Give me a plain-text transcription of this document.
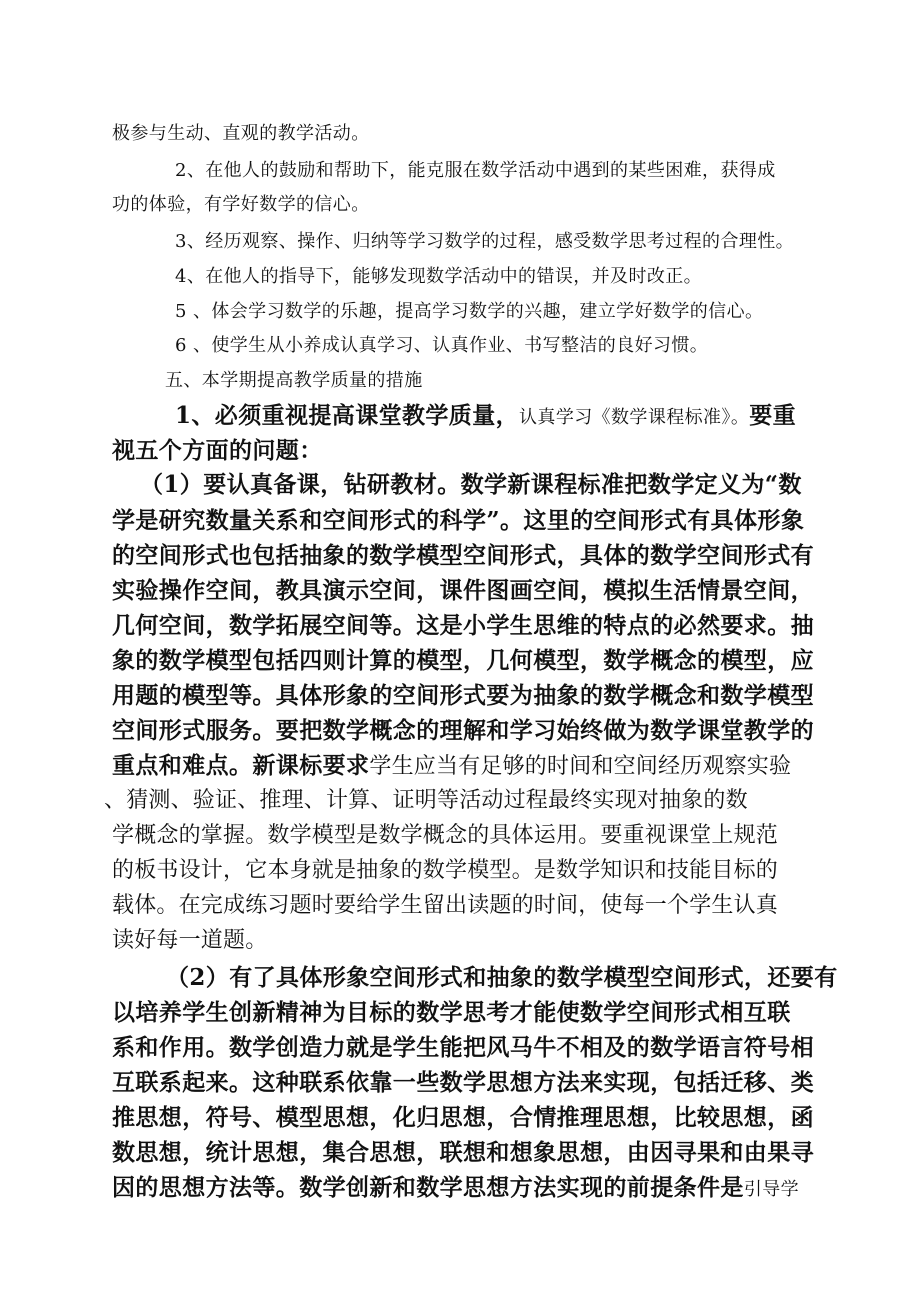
极参与生动、直观的教学活动。
2、在他人的鼓励和帮助下，能克服在数学活动中遇到的某些困难，获得成
功的体验，有学好数学的信心。
3、经历观察、操作、归纳等学习数学的过程，感受数学思考过程的合理性。
4、在他人的指导下，能够发现数学活动中的错误，并及时改正。
5 、体会学习数学的乐趣，提高学习数学的兴趣，建立学好数学的信心。
6 、使学生从小养成认真学习、认真作业、书写整洁的良好习惯。
五、本学期提高教学质量的措施
1、必须重视提高课堂教学质量，认真学习《数学课程标准》。要重
视五个方面的问题：
（1）要认真备课，钻研教材。数学新课程标准把数学定义为“数
学是研究数量关系和空间形式的科学”。这里的空间形式有具体形象
的空间形式也包括抽象的数学模型空间形式，具体的数学空间形式有
实验操作空间，教具演示空间，课件图画空间，模拟生活情景空间，
几何空间，数学拓展空间等。这是小学生思维的特点的必然要求。抽
象的数学模型包括四则计算的模型，几何模型，数学概念的模型，应
用题的模型等。具体形象的空间形式要为抽象的数学概念和数学模型
空间形式服务。要把数学概念的理解和学习始终做为数学课堂教学的
重点和难点。新课标要求学生应当有足够的时间和空间经历观察实验
、猜测、验证、推理、计算、证明等活动过程最终实现对抽象的数
学概念的掌握。数学模型是数学概念的具体运用。要重视课堂上规范
的板书设计，它本身就是抽象的数学模型。是数学知识和技能目标的
载体。在完成练习题时要给学生留出读题的时间，使每一个学生认真
读好每一道题。
（2）有了具体形象空间形式和抽象的数学模型空间形式，还要有
以培养学生创新精神为目标的数学思考才能使数学空间形式相互联
系和作用。数学创造力就是学生能把风马牛不相及的数学语言符号相
互联系起来。这种联系依靠一些数学思想方法来实现，包括迁移、类
推思想，符号、模型思想，化归思想，合情推理思想，比较思想，函
数思想，统计思想，集合思想，联想和想象思想，由因寻果和由果寻
因的思想方法等。数学创新和数学思想方法实现的前提条件是引导学
